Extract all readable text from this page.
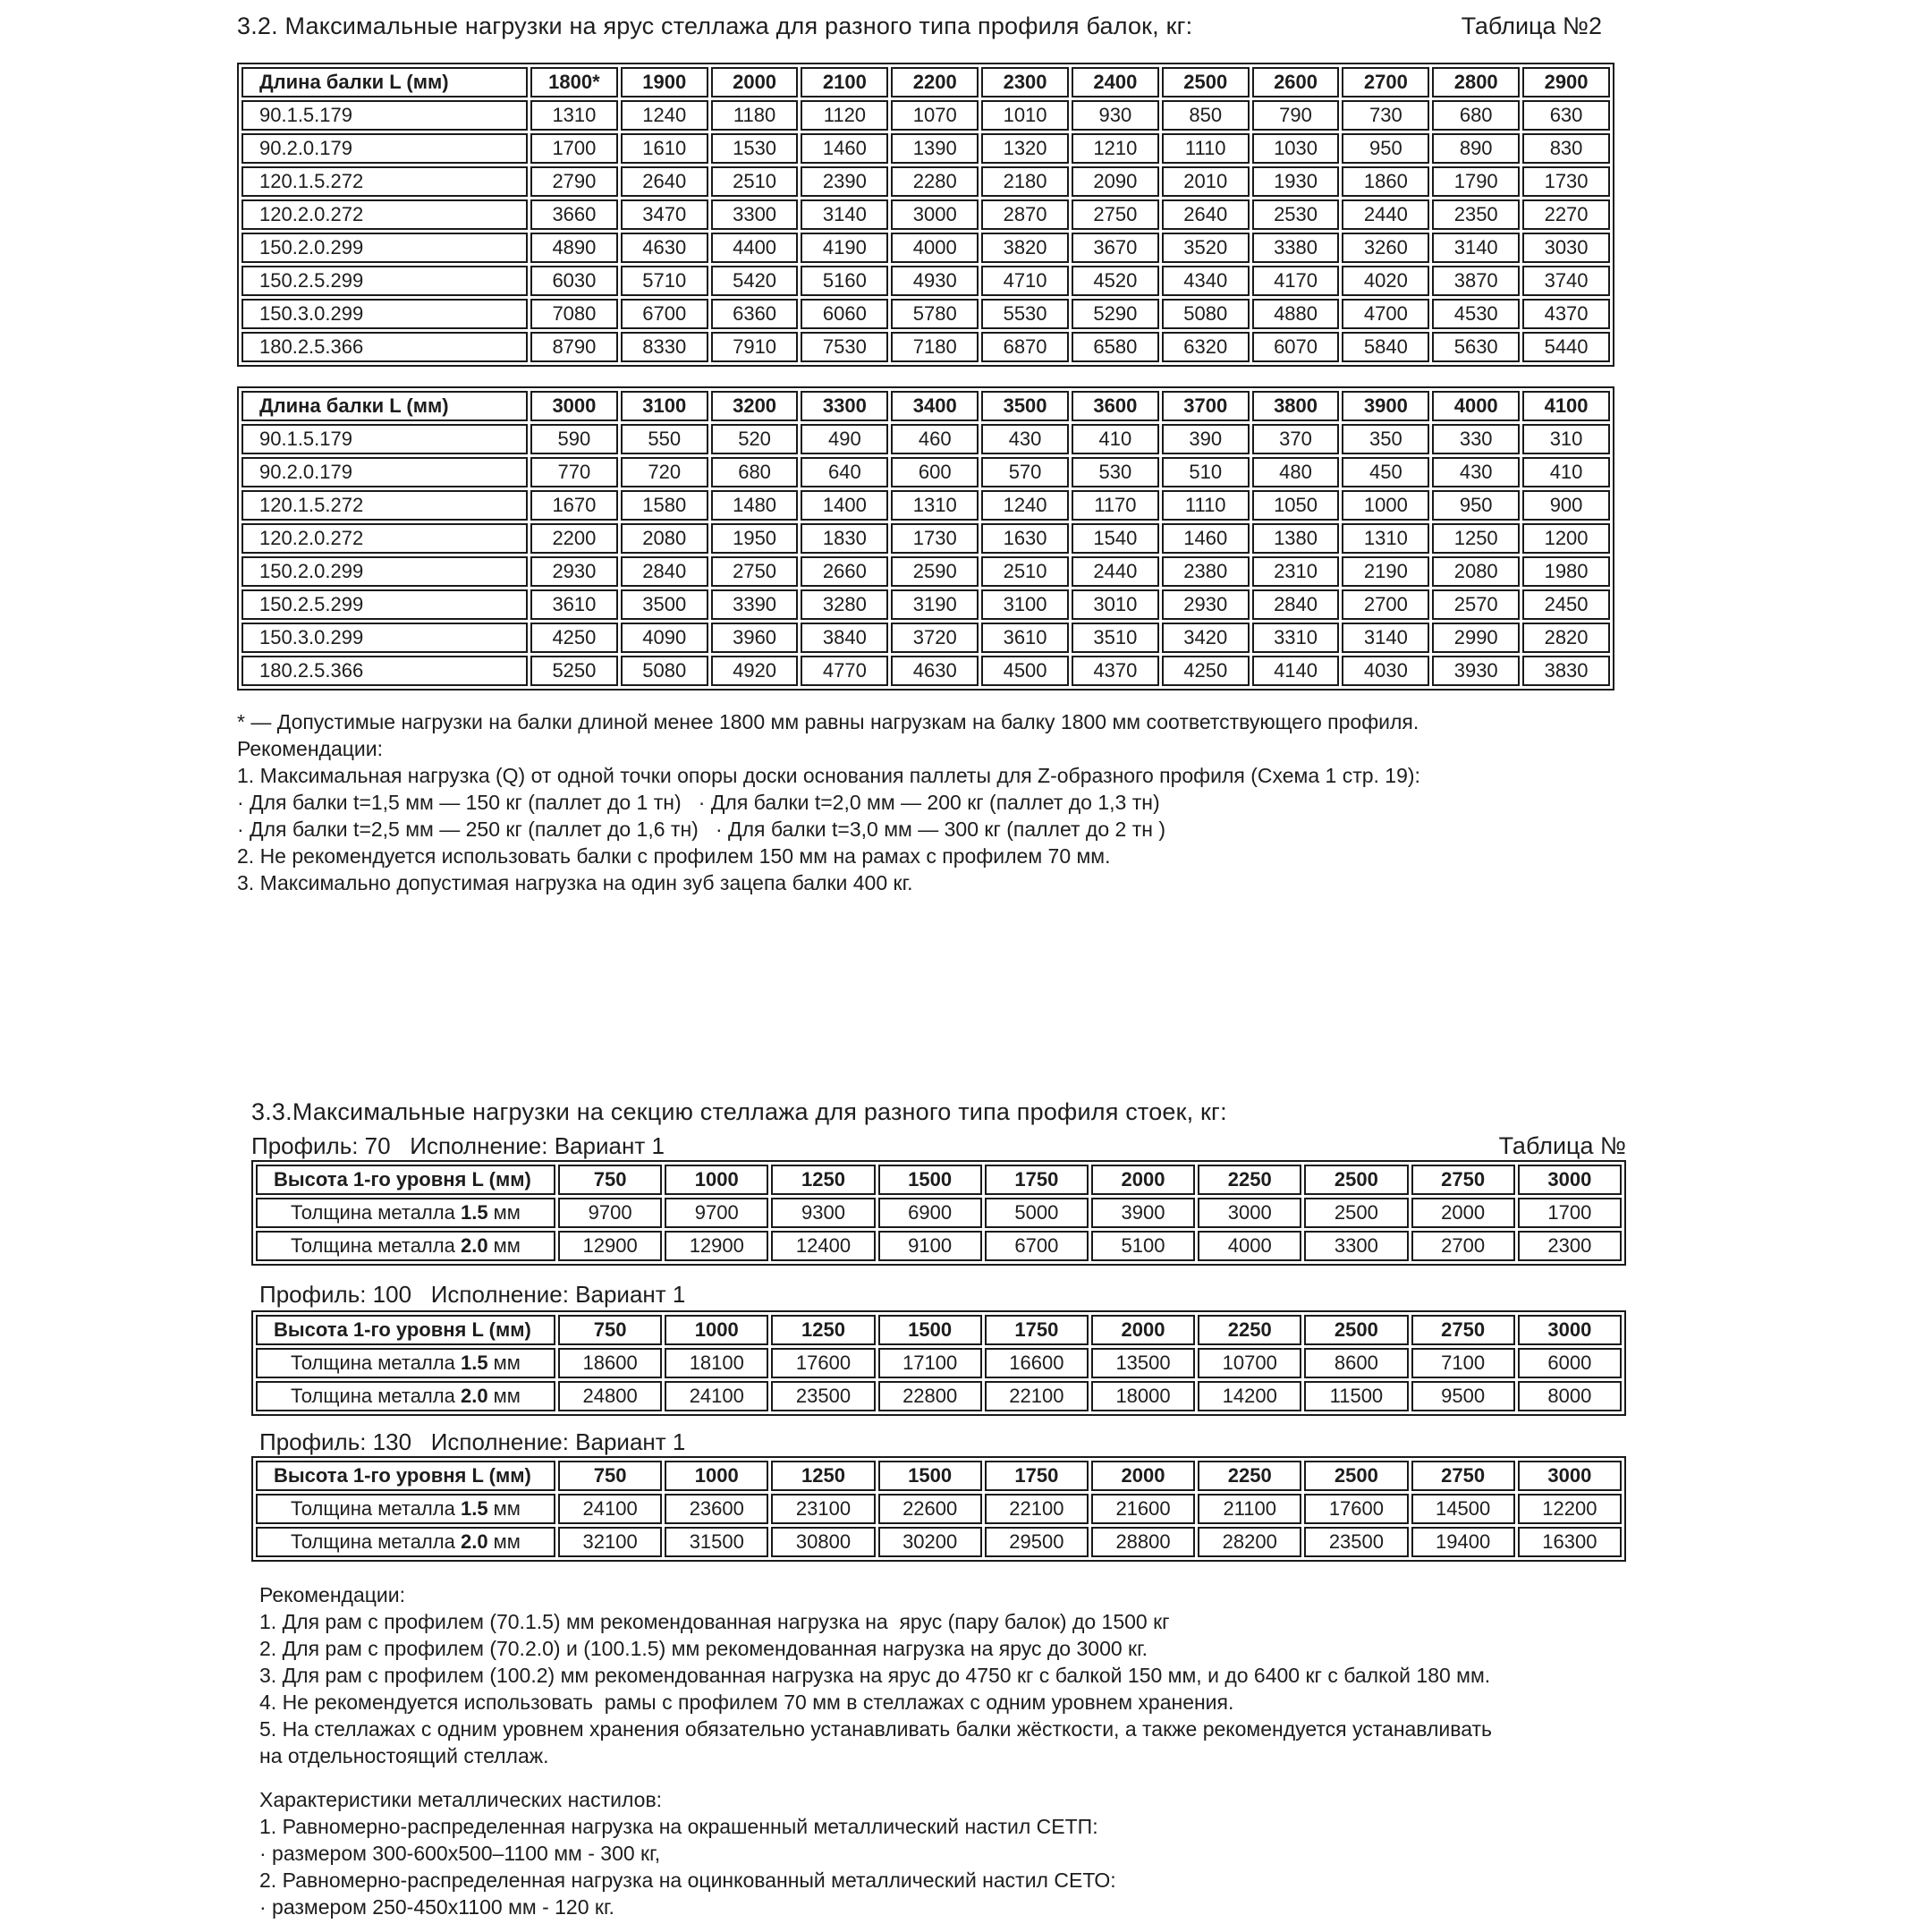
3.2. Максимальные нагрузки на ярус стеллажа для разного типа профиля балок, кг:	Таблица №2
Длина балки L (мм)	1800*	1900	2000	2100	2200	2300	2400	2500	2600	2700	2800	2900
90.1.5.179	1310	1240	1180	1120	1070	1010	930	850	790	730	680	630
90.2.0.179	1700	1610	1530	1460	1390	1320	1210	1110	1030	950	890	830
120.1.5.272	2790	2640	2510	2390	2280	2180	2090	2010	1930	1860	1790	1730
120.2.0.272	3660	3470	3300	3140	3000	2870	2750	2640	2530	2440	2350	2270
150.2.0.299	4890	4630	4400	4190	4000	3820	3670	3520	3380	3260	3140	3030
150.2.5.299	6030	5710	5420	5160	4930	4710	4520	4340	4170	4020	3870	3740
150.3.0.299	7080	6700	6360	6060	5780	5530	5290	5080	4880	4700	4530	4370
180.2.5.366	8790	8330	7910	7530	7180	6870	6580	6320	6070	5840	5630	5440
Длина балки L (мм)	3000	3100	3200	3300	3400	3500	3600	3700	3800	3900	4000	4100
90.1.5.179	590	550	520	490	460	430	410	390	370	350	330	310
90.2.0.179	770	720	680	640	600	570	530	510	480	450	430	410
120.1.5.272	1670	1580	1480	1400	1310	1240	1170	1110	1050	1000	950	900
120.2.0.272	2200	2080	1950	1830	1730	1630	1540	1460	1380	1310	1250	1200
150.2.0.299	2930	2840	2750	2660	2590	2510	2440	2380	2310	2190	2080	1980
150.2.5.299	3610	3500	3390	3280	3190	3100	3010	2930	2840	2700	2570	2450
150.3.0.299	4250	4090	3960	3840	3720	3610	3510	3420	3310	3140	2990	2820
180.2.5.366	5250	5080	4920	4770	4630	4500	4370	4250	4140	4030	3930	3830
* — Допустимые нагрузки на балки длиной менее 1800 мм равны нагрузкам на балку 1800 мм соответствующего профиля.
Рекомендации:
1. Максимальная нагрузка (Q) от одной точки опоры доски основания паллеты для Z-образного профиля (Схема 1 стр. 19):
· Для балки t=1,5 мм — 150 кг (паллет до 1 тн)   · Для балки t=2,0 мм — 200 кг (паллет до 1,3 тн)
· Для балки t=2,5 мм — 250 кг (паллет до 1,6 тн)   · Для балки t=3,0 мм — 300 кг (паллет до 2 тн )
2. Не рекомендуется использовать балки с профилем 150 мм на рамах с профилем 70 мм.
3. Максимально допустимая нагрузка на один зуб зацепа балки 400 кг.
3.3.Максимальные нагрузки на секцию стеллажа для разного типа профиля стоек, кг:
Профиль: 70   Исполнение: Вариант 1	Таблица №
Высота 1-го уровня L (мм)	750	1000	1250	1500	1750	2000	2250	2500	2750	3000
Толщина металла 1.5 мм	9700	9700	9300	6900	5000	3900	3000	2500	2000	1700
Толщина металла 2.0 мм	12900	12900	12400	9100	6700	5100	4000	3300	2700	2300
Профиль: 100   Исполнение: Вариант 1
Высота 1-го уровня L (мм)	750	1000	1250	1500	1750	2000	2250	2500	2750	3000
Толщина металла 1.5 мм	18600	18100	17600	17100	16600	13500	10700	8600	7100	6000
Толщина металла 2.0 мм	24800	24100	23500	22800	22100	18000	14200	11500	9500	8000
Профиль: 130   Исполнение: Вариант 1
Высота 1-го уровня L (мм)	750	1000	1250	1500	1750	2000	2250	2500	2750	3000
Толщина металла 1.5 мм	24100	23600	23100	22600	22100	21600	21100	17600	14500	12200
Толщина металла 2.0 мм	32100	31500	30800	30200	29500	28800	28200	23500	19400	16300
Рекомендации:
1. Для рам с профилем (70.1.5) мм рекомендованная нагрузка на  ярус (пару балок) до 1500 кг
2. Для рам с профилем (70.2.0) и (100.1.5) мм рекомендованная нагрузка на ярус до 3000 кг.
3. Для рам с профилем (100.2) мм рекомендованная нагрузка на ярус до 4750 кг с балкой 150 мм, и до 6400 кг с балкой 180 мм.
4. Не рекомендуется использовать  рамы с профилем 70 мм в стеллажах с одним уровнем хранения.
5. На стеллажах с одним уровнем хранения обязательно устанавливать балки жёсткости, а также рекомендуется устанавливать
на отдельностоящий стеллаж.
Характеристики металлических настилов:
1. Равномерно-распределенная нагрузка на окрашенный металлический настил СЕТП:
· размером 300-600х500–1100 мм - 300 кг,
2. Равномерно-распределенная нагрузка на оцинкованный металлический настил СЕТО:
· размером 250-450х1100 мм - 120 кг.
